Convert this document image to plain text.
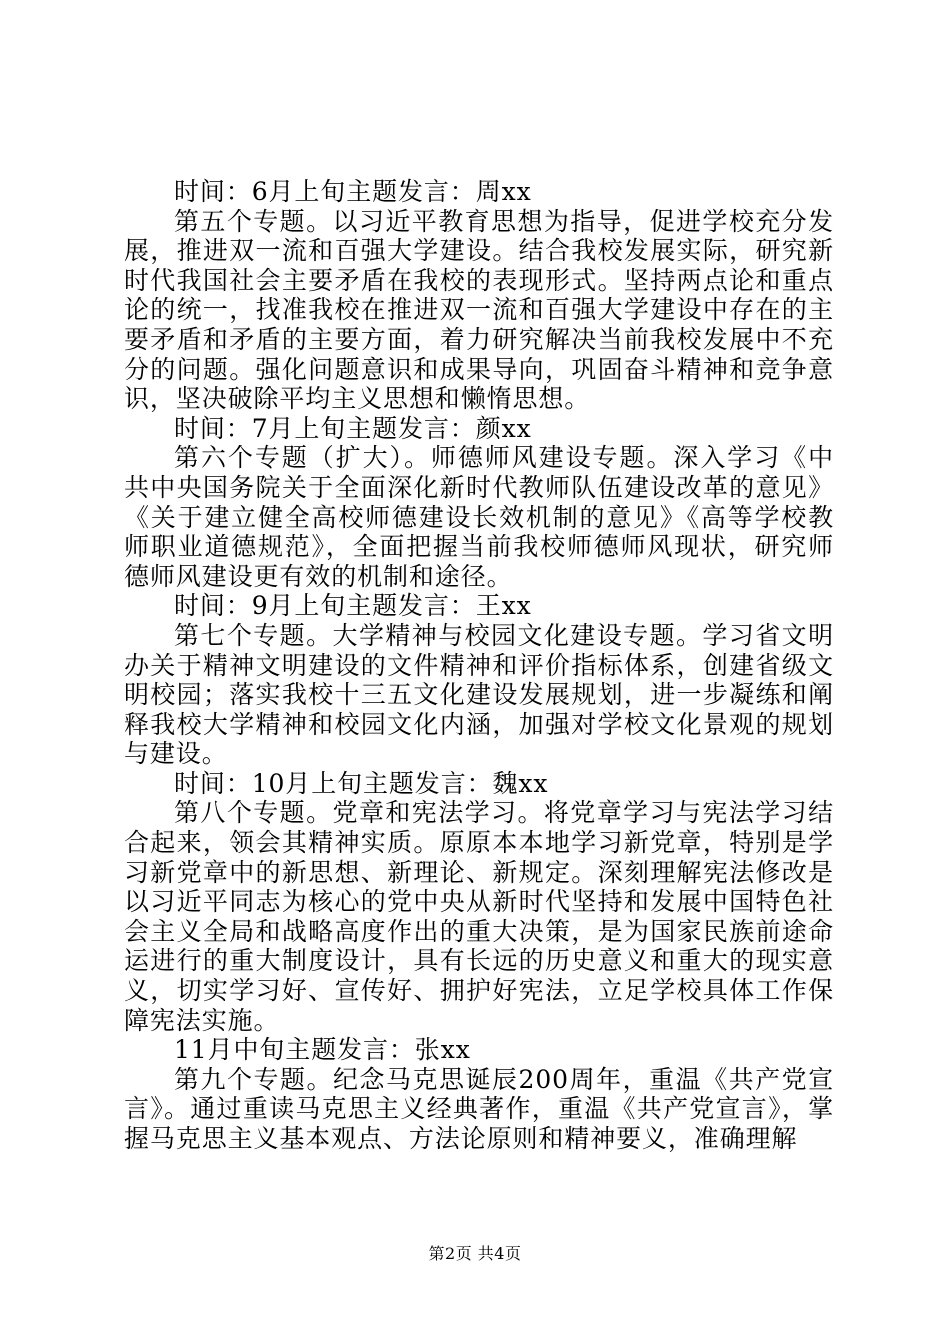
时间：6月上旬主题发言：周xx

第五个专题。以习近平教育思想为指导，促进学校充分发展，推进双一流和百强大学建设。结合我校发展实际，研究新时代我国社会主要矛盾在我校的表现形式。坚持两点论和重点论的统一，找准我校在推进双一流和百强大学建设中存在的主要矛盾和矛盾的主要方面，着力研究解决当前我校发展中不充分的问题。强化问题意识和成果导向，巩固奋斗精神和竞争意识，坚决破除平均主义思想和懒惰思想。

时间：7月上旬主题发言：颜xx

第六个专题（扩大）。师德师风建设专题。深入学习《中共中央国务院关于全面深化新时代教师队伍建设改革的意见》《关于建立健全高校师德建设长效机制的意见》《高等学校教师职业道德规范》，全面把握当前我校师德师风现状，研究师德师风建设更有效的机制和途径。

时间：9月上旬主题发言：王xx

第七个专题。大学精神与校园文化建设专题。学习省文明办关于精神文明建设的文件精神和评价指标体系，创建省级文明校园；落实我校十三五文化建设发展规划，进一步凝练和阐释我校大学精神和校园文化内涵，加强对学校文化景观的规划与建设。

时间：10月上旬主题发言：魏xx

第八个专题。党章和宪法学习。将党章学习与宪法学习结合起来，领会其精神实质。原原本本地学习新党章，特别是学习新党章中的新思想、新理论、新规定。深刻理解宪法修改是以习近平同志为核心的党中央从新时代坚持和发展中国特色社会主义全局和战略高度作出的重大决策，是为国家民族前途命运进行的重大制度设计，具有长远的历史意义和重大的现实意义，切实学习好、宣传好、拥护好宪法，立足学校具体工作保障宪法实施。

11月中旬主题发言：张xx

第九个专题。纪念马克思诞辰200周年，重温《共产党宣言》。通过重读马克思主义经典著作，重温《共产党宣言》，掌握马克思主义基本观点、方法论原则和精神要义，准确理解

第2页 共4页
